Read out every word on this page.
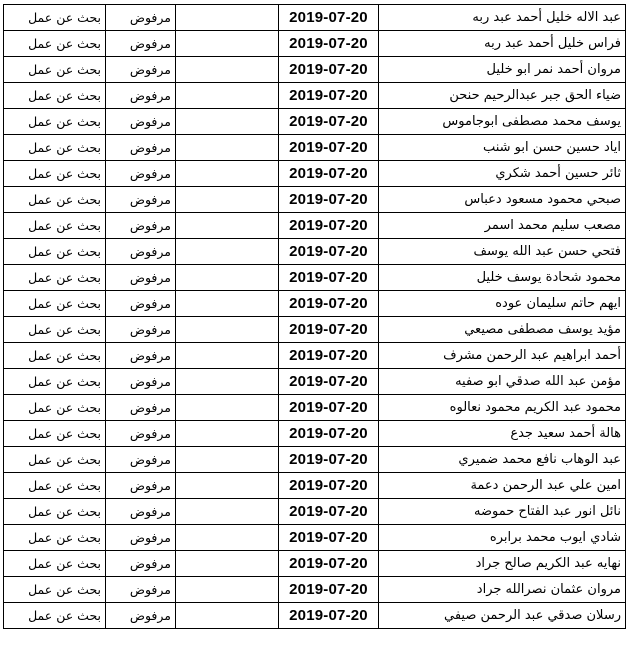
عبد الاله خليل أحمد عبد ربه	2019-07-20		مرفوض	بحث عن عمل
فراس خليل أحمد عبد ربه	2019-07-20		مرفوض	بحث عن عمل
مروان أحمد نمر ابو خليل	2019-07-20		مرفوض	بحث عن عمل
ضياء الحق جبر عبدالرحيم حنحن	2019-07-20		مرفوض	بحث عن عمل
يوسف محمد مصطفى ابوجاموس	2019-07-20		مرفوض	بحث عن عمل
اياد حسين حسن ابو شنب	2019-07-20		مرفوض	بحث عن عمل
ثائر حسين أحمد شكري	2019-07-20		مرفوض	بحث عن عمل
صبحي محمود مسعود دعباس	2019-07-20		مرفوض	بحث عن عمل
مصعب سليم محمد اسمر	2019-07-20		مرفوض	بحث عن عمل
فتحي حسن عبد الله يوسف	2019-07-20		مرفوض	بحث عن عمل
محمود شحادة يوسف خليل	2019-07-20		مرفوض	بحث عن عمل
ايهم حاتم سليمان عوده	2019-07-20		مرفوض	بحث عن عمل
مؤيد يوسف مصطفى مصيعي	2019-07-20		مرفوض	بحث عن عمل
أحمد ابراهيم عبد الرحمن مشرف	2019-07-20		مرفوض	بحث عن عمل
مؤمن عبد الله صدقي ابو صفيه	2019-07-20		مرفوض	بحث عن عمل
محمود عبد الكريم محمود نعالوه	2019-07-20		مرفوض	بحث عن عمل
هالة أحمد سعيد جدع	2019-07-20		مرفوض	بحث عن عمل
عبد الوهاب نافع محمد ضميري	2019-07-20		مرفوض	بحث عن عمل
امين علي عبد الرحمن دعمة	2019-07-20		مرفوض	بحث عن عمل
نائل انور عبد الفتاح حموضه	2019-07-20		مرفوض	بحث عن عمل
شادي ايوب محمد برابره	2019-07-20		مرفوض	بحث عن عمل
نهايه عبد الكريم صالح جراد	2019-07-20		مرفوض	بحث عن عمل
مروان عثمان نصرالله جراد	2019-07-20		مرفوض	بحث عن عمل
رسلان صدقي عبد الرحمن صيفي	2019-07-20		مرفوض	بحث عن عمل
